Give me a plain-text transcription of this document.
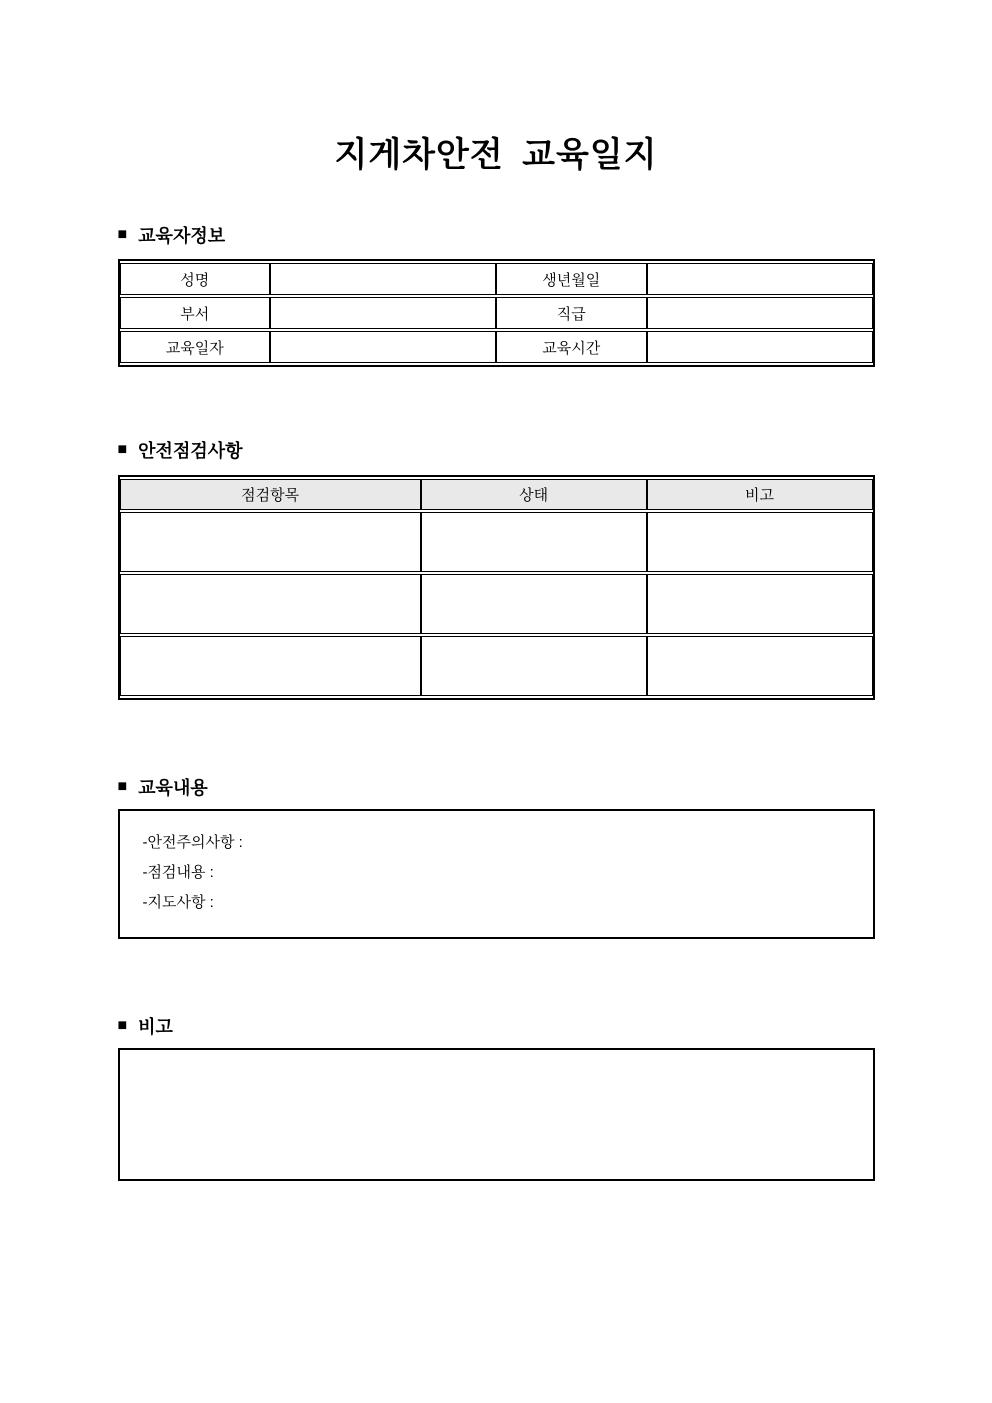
지게차안전 교육일지
■ 교육자정보
성명		생년월일	
부서		직급	
교육일자		교육시간	
■ 안전점검사항
점검항목	상태	비고

■ 교육내용
-안전주의사항 :
-점검내용 :
-지도사항 :
■ 비고
